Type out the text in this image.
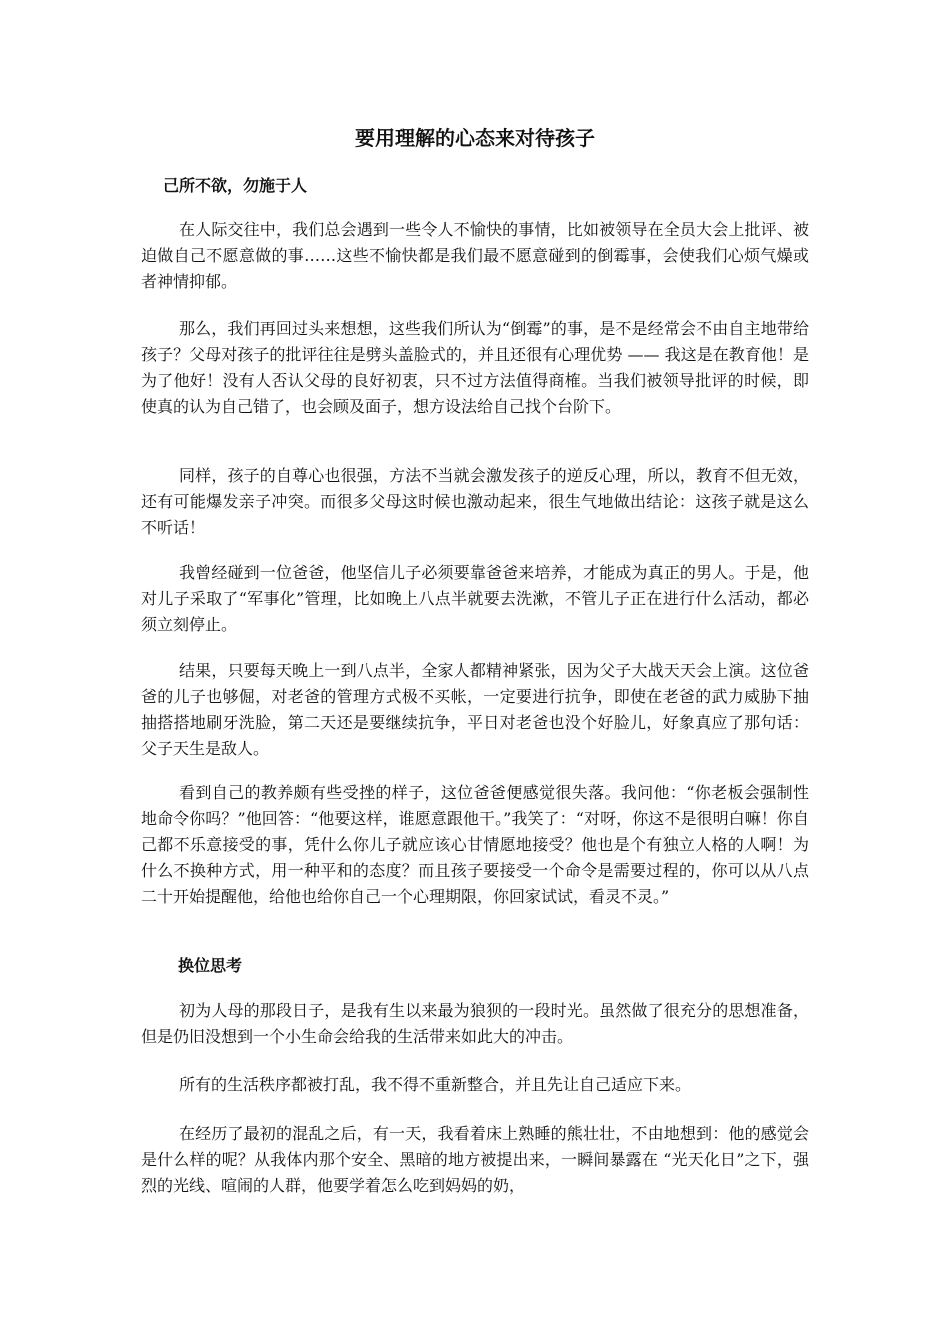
要用理解的心态来对待孩子
己所不欲，勿施于人

在人际交往中，我们总会遇到一些令人不愉快的事情，比如被领导在全员大会上批评、被迫做自己不愿意做的事……这些不愉快都是我们最不愿意碰到的倒霉事，会使我们心烦气燥或者神情抑郁。

那么，我们再回过头来想想，这些我们所认为“倒霉”的事，是不是经常会不由自主地带给孩子？父母对孩子的批评往往是劈头盖脸式的，并且还很有心理优势 —— 我这是在教育他！是为了他好！没有人否认父母的良好初衷，只不过方法值得商榷。当我们被领导批评的时候，即使真的认为自己错了，也会顾及面子，想方设法给自己找个台阶下。

同样，孩子的自尊心也很强，方法不当就会激发孩子的逆反心理，所以，教育不但无效，还有可能爆发亲子冲突。而很多父母这时候也激动起来，很生气地做出结论：这孩子就是这么不听话！

我曾经碰到一位爸爸，他坚信儿子必须要靠爸爸来培养，才能成为真正的男人。于是，他对儿子采取了“军事化”管理，比如晚上八点半就要去洗漱，不管儿子正在进行什么活动，都必须立刻停止。

结果，只要每天晚上一到八点半，全家人都精神紧张，因为父子大战天天会上演。这位爸爸的儿子也够倔，对老爸的管理方式极不买帐，一定要进行抗争，即使在老爸的武力威胁下抽抽搭搭地刷牙洗脸，第二天还是要继续抗争，平日对老爸也没个好脸儿，好象真应了那句话：父子天生是敌人。

看到自己的教养颇有些受挫的样子，这位爸爸便感觉很失落。我问他：“你老板会强制性地命令你吗？”他回答：“他要这样，谁愿意跟他干。”我笑了：“对呀，你这不是很明白嘛！你自己都不乐意接受的事，凭什么你儿子就应该心甘情愿地接受？他也是个有独立人格的人啊！为什么不换种方式，用一种平和的态度？而且孩子要接受一个命令是需要过程的，你可以从八点二十开始提醒他，给他也给你自己一个心理期限，你回家试试，看灵不灵。”

换位思考

初为人母的那段日子，是我有生以来最为狼狈的一段时光。虽然做了很充分的思想准备，但是仍旧没想到一个小生命会给我的生活带来如此大的冲击。

所有的生活秩序都被打乱，我不得不重新整合，并且先让自己适应下来。

在经历了最初的混乱之后，有一天，我看着床上熟睡的熊壮壮，不由地想到：他的感觉会是什么样的呢？从我体内那个安全、黑暗的地方被提出来，一瞬间暴露在 “光天化日”之下，强烈的光线、喧闹的人群，他要学着怎么吃到妈妈的奶，
